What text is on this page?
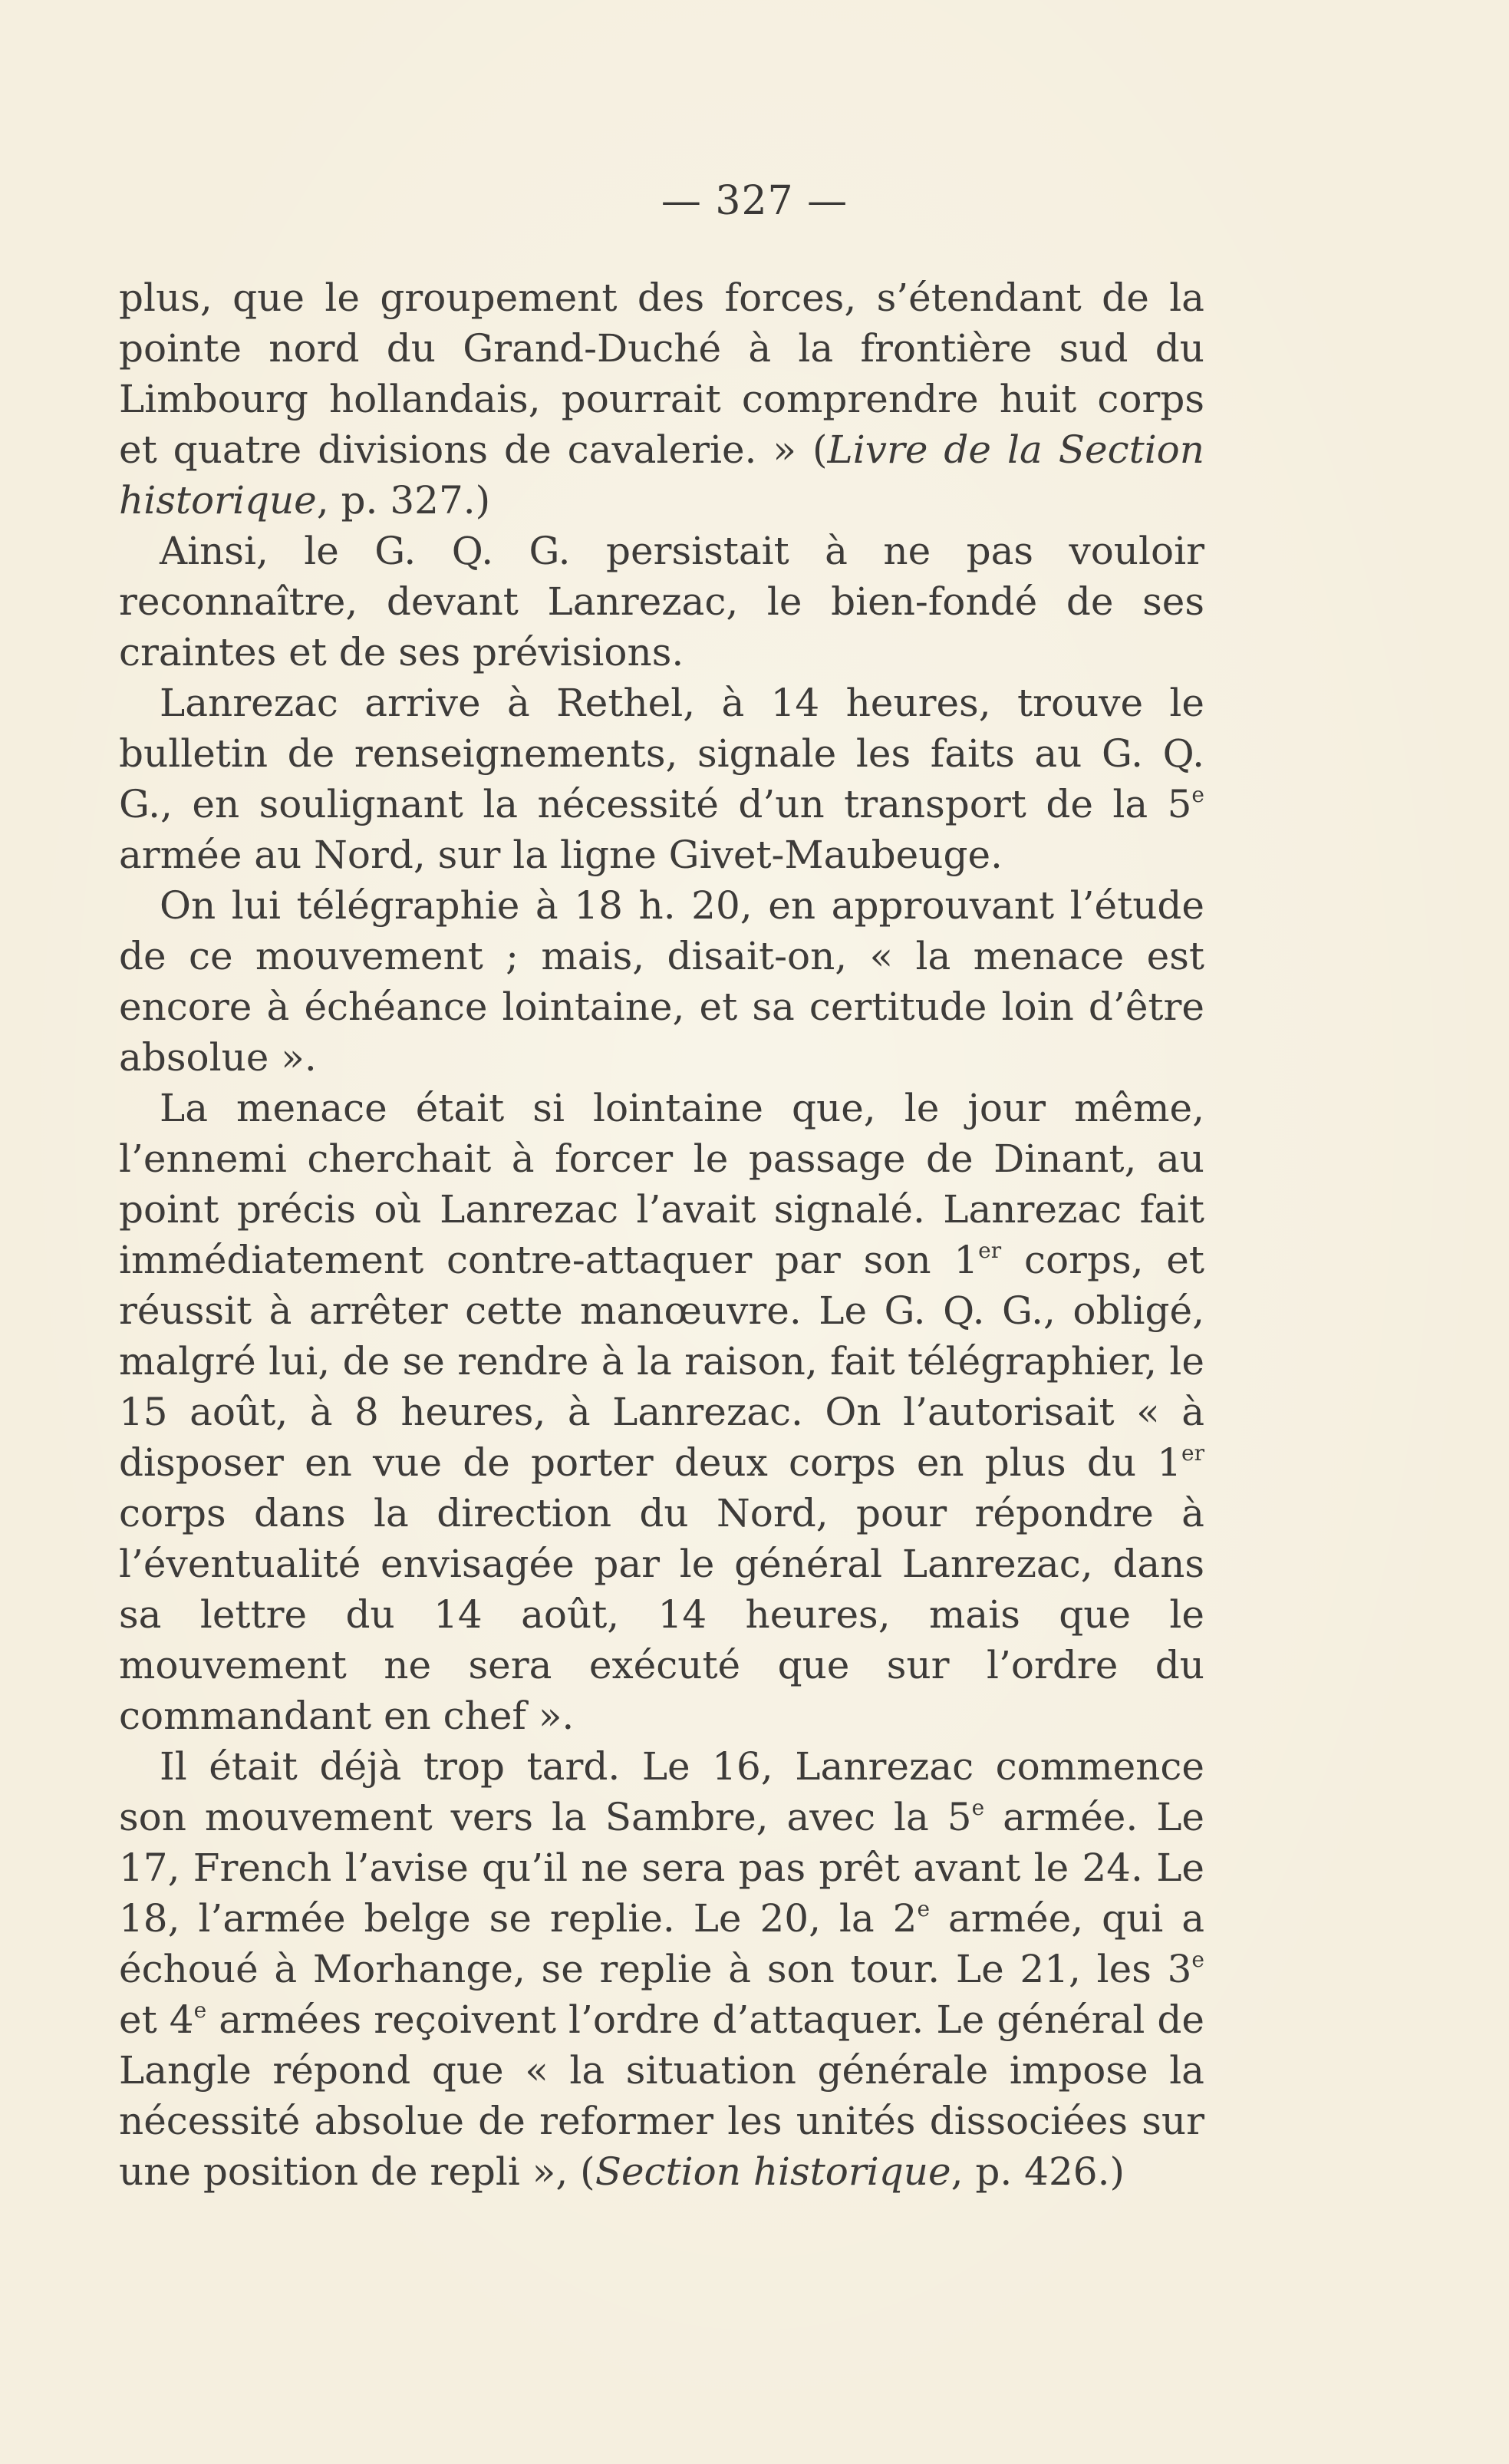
— 327 —

plus, que le groupement des forces, s’étendant de la pointe nord du Grand-Duché à la frontière sud du Limbourg hollandais, pourrait comprendre huit corps et quatre divisions de cavalerie. » (Livre de la Section historique, p. 327.)

Ainsi, le G. Q. G. persistait à ne pas vouloir reconnaître, devant Lanrezac, le bien-fondé de ses craintes et de ses prévisions.

Lanrezac arrive à Rethel, à 14 heures, trouve le bulletin de renseignements, signale les faits au G. Q. G., en soulignant la nécessité d’un transport de la 5e armée au Nord, sur la ligne Givet-Maubeuge.

On lui télégraphie à 18 h. 20, en approuvant l’étude de ce mouvement ; mais, disait-on, « la menace est encore à échéance lointaine, et sa certitude loin d’être absolue ».

La menace était si lointaine que, le jour même, l’ennemi cherchait à forcer le passage de Dinant, au point précis où Lanrezac l’avait signalé. Lanrezac fait immédiatement contre-attaquer par son 1er corps, et réussit à arrêter cette manœuvre. Le G. Q. G., obligé, malgré lui, de se rendre à la raison, fait télégraphier, le 15 août, à 8 heures, à Lanrezac. On l’autorisait « à disposer en vue de porter deux corps en plus du 1er corps dans la direction du Nord, pour répondre à l’éventualité envisagée par le général Lanrezac, dans sa lettre du 14 août, 14 heures, mais que le mouvement ne sera exécuté que sur l’ordre du commandant en chef ».

Il était déjà trop tard. Le 16, Lanrezac commence son mouvement vers la Sambre, avec la 5e armée. Le 17, French l’avise qu’il ne sera pas prêt avant le 24. Le 18, l’armée belge se replie. Le 20, la 2e armée, qui a échoué à Morhange, se replie à son tour. Le 21, les 3e et 4e armées reçoivent l’ordre d’attaquer. Le général de Langle répond que « la situation générale impose la nécessité absolue de reformer les unités dissociées sur une position de repli », (Section historique, p. 426.)
